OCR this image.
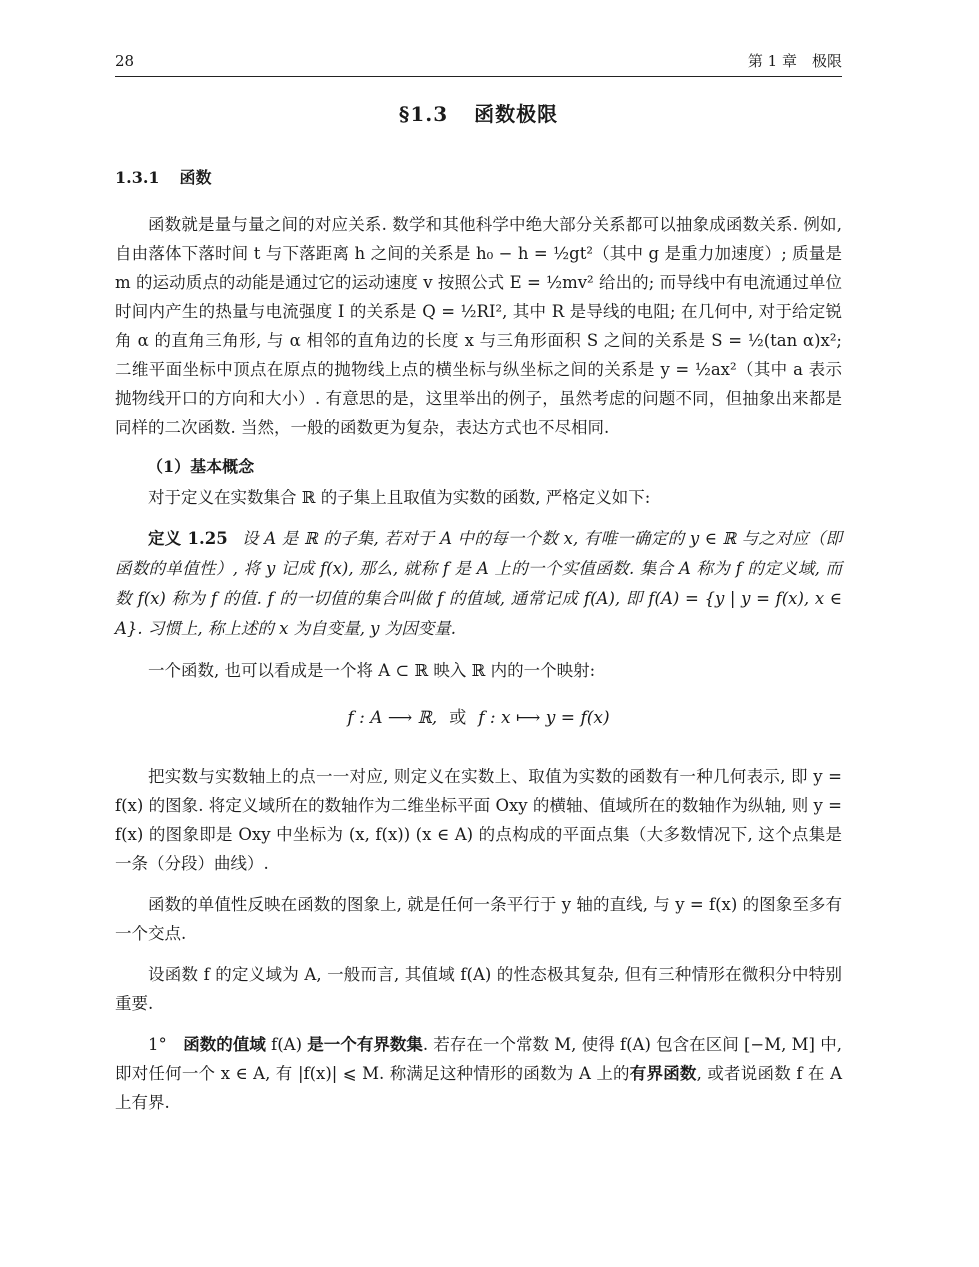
28	第 1 章　极限
§1.3 函数极限
1.3.1 函数

函数就是量与量之间的对应关系. 数学和其他科学中绝大部分关系都可以抽象成函数关系. 例如, 自由落体下落时间 t 与下落距离 h 之间的关系是 h₀ − h = ½gt²（其中 g 是重力加速度）; 质量是 m 的运动质点的动能是通过它的运动速度 v 按照公式 E = ½mv² 给出的; 而导线中有电流通过单位时间内产生的热量与电流强度 I 的关系是 Q = ½RI², 其中 R 是导线的电阻; 在几何中, 对于给定锐角 α 的直角三角形, 与 α 相邻的直角边的长度 x 与三角形面积 S 之间的关系是 S = ½(tan α)x²; 二维平面坐标中顶点在原点的抛物线上点的横坐标与纵坐标之间的关系是 y = ½ax²（其中 a 表示抛物线开口的方向和大小）. 有意思的是，这里举出的例子，虽然考虑的问题不同，但抽象出来都是同样的二次函数. 当然，一般的函数更为复杂，表达方式也不尽相同.

（1）基本概念

对于定义在实数集合 ℝ 的子集上且取值为实数的函数, 严格定义如下:

定义 1.25 设 A 是 ℝ 的子集, 若对于 A 中的每一个数 x, 有唯一确定的 y ∈ ℝ 与之对应（即函数的单值性）, 将 y 记成 f(x), 那么, 就称 f 是 A 上的一个实值函数. 集合 A 称为 f 的定义域, 而数 f(x) 称为 f 的值. f 的一切值的集合叫做 f 的值域, 通常记成 f(A), 即 f(A) = {y | y = f(x), x ∈ A}. 习惯上, 称上述的 x 为自变量, y 为因变量.

一个函数, 也可以看成是一个将 A ⊂ ℝ 映入 ℝ 内的一个映射:

f : A ⟶ ℝ, 或 f : x ⟼ y = f(x)

把实数与实数轴上的点一一对应, 则定义在实数上、取值为实数的函数有一种几何表示, 即 y = f(x) 的图象. 将定义域所在的数轴作为二维坐标平面 Oxy 的横轴、值域所在的数轴作为纵轴, 则 y = f(x) 的图象即是 Oxy 中坐标为 (x, f(x)) (x ∈ A) 的点构成的平面点集（大多数情况下, 这个点集是一条（分段）曲线）.

函数的单值性反映在函数的图象上, 就是任何一条平行于 y 轴的直线, 与 y = f(x) 的图象至多有一个交点.

设函数 f 的定义域为 A, 一般而言, 其值域 f(A) 的性态极其复杂, 但有三种情形在微积分中特别重要.

1°  函数的值域 f(A) 是一个有界数集. 若存在一个常数 M, 使得 f(A) 包含在区间 [−M, M] 中, 即对任何一个 x ∈ A, 有 |f(x)| ⩽ M. 称满足这种情形的函数为 A 上的有界函数, 或者说函数 f 在 A 上有界.
